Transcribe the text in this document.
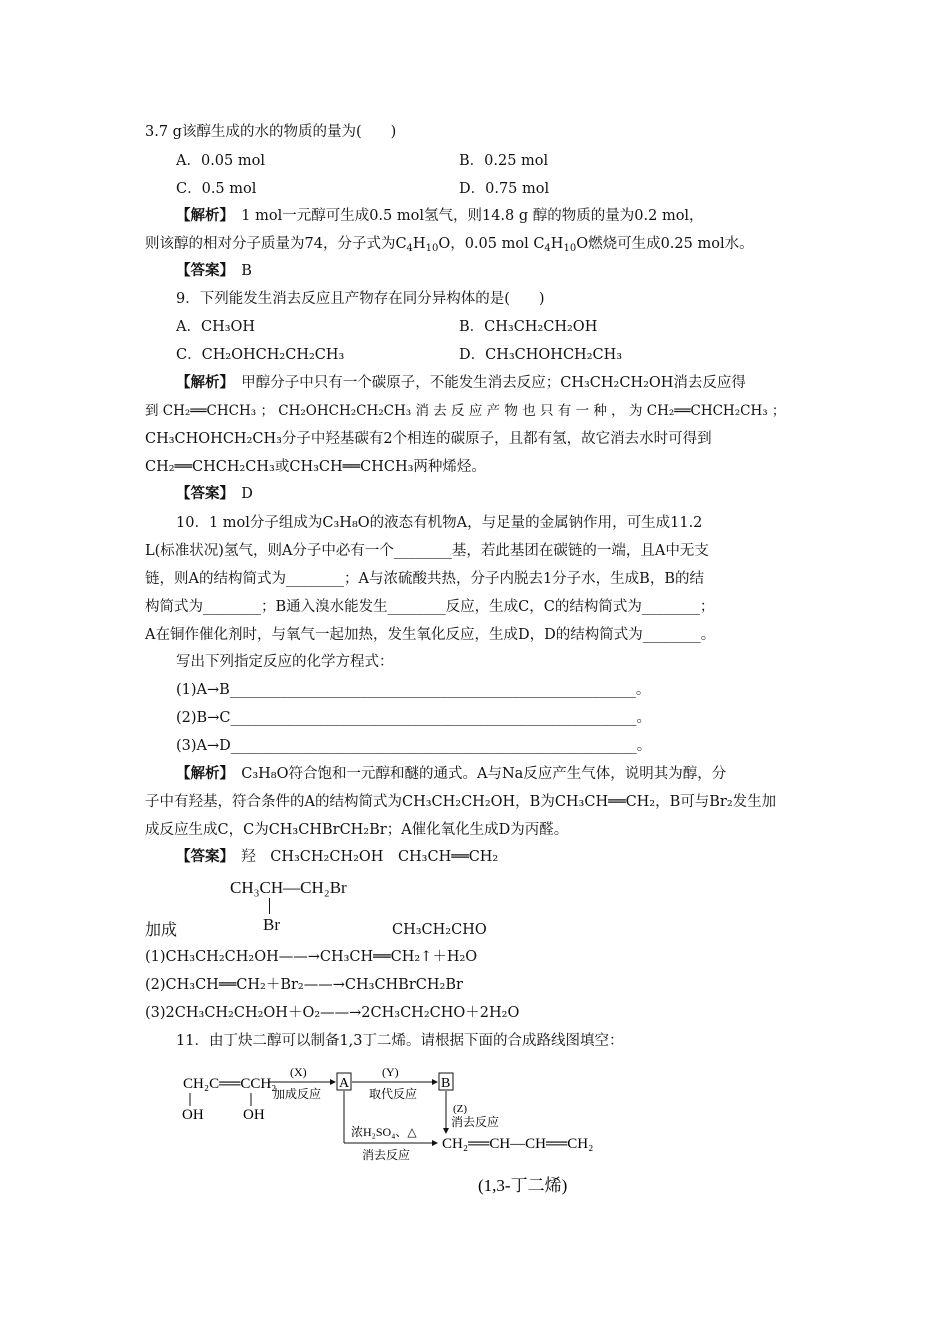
3.7 g该醇生成的水的物质的量为(　　)
A．0.05 mol	B．0.25 mol
C．0.5 mol	D．0.75 mol
【解析】　1 mol一元醇可生成0.5 mol氢气，则14.8 g 醇的物质的量为0.2 mol，
则该醇的相对分子质量为74，分子式为$C_4H_{10}O$，0.05 mol $C_4H_{10}O$燃烧可生成0.25 mol水。
【答案】　 B
9．下列能发生消去反应且产物存在同分异构体的是(　　)
A．CH₃OH	B．CH₃CH₂CH₂OH
C．CH₂OHCH₂CH₂CH₃	D．CH₃CHOHCH₂CH₃
【解析】　甲醇分子中只有一个碳原子，不能发生消去反应；CH₃CH₂CH₂OH消去反应得
到 CH₂══CHCH₃ ； CH₂OHCH₂CH₂CH₃ 消 去 反 应 产 物 也 只 有 一 种 ， 为 CH₂══CHCH₂CH₃ ；
CH₃CHOHCH₂CH₃分子中羟基碳有2个相连的碳原子，且都有氢，故它消去水时可得到
CH₂══CHCH₂CH₃或CH₃CH══CHCH₃两种烯烃。
【答案】　 D
10．1 mol分子组成为C₃H₈O的液态有机物A，与足量的金属钠作用，可生成11.2
L(标准状况)氢气，则A分子中必有一个________基，若此基团在碳链的一端，且A中无支
链，则A的结构简式为________；A与浓硫酸共热，分子内脱去1分子水，生成B，B的结
构简式为________；B通入溴水能发生________反应，生成C，C的结构简式为________；
A在铜作催化剂时，与氧气一起加热，发生氧化反应，生成D，D的结构简式为________。
写出下列指定反应的化学方程式：
(1)A→B________________________________________________________。
(2)B→C________________________________________________________。
(3)A→D________________________________________________________。
【解析】　C₃H₈O符合饱和一元醇和醚的通式。A与Na反应产生气体，说明其为醇，分
子中有羟基，符合条件的A的结构简式为CH₃CH₂CH₂OH，B为CH₃CH══CH₂，B可与Br₂发生加
成反应生成C，C为CH₃CHBrCH₂Br；A催化氧化生成D为丙醛。
【答案】　羟　CH₃CH₂CH₂OH　CH₃CH══CH₂
CH₃CH—CH₂Br
Br
加成	CH₃CH₂CHO
(1)CH₃CH₂CH₂OH——→CH₃CH══CH₂↑＋H₂O
(2)CH₃CH══CH₂＋Br₂——→CH₃CHBrCH₂Br
(3)2CH₃CH₂CH₂OH＋O₂——→2CH₃CH₂CHO＋2H₂O
11．由丁炔二醇可以制备1,3丁二烯。请根据下面的合成路线图填空：
CH₂C══CCH₂
OH	OH
(X)
加成反应
A
(Y)
取代反应
B
(Z)
消去反应
浓H₂SO₄、△
消去反应
CH₂══CH—CH══CH₂
(1,3-丁二烯)
